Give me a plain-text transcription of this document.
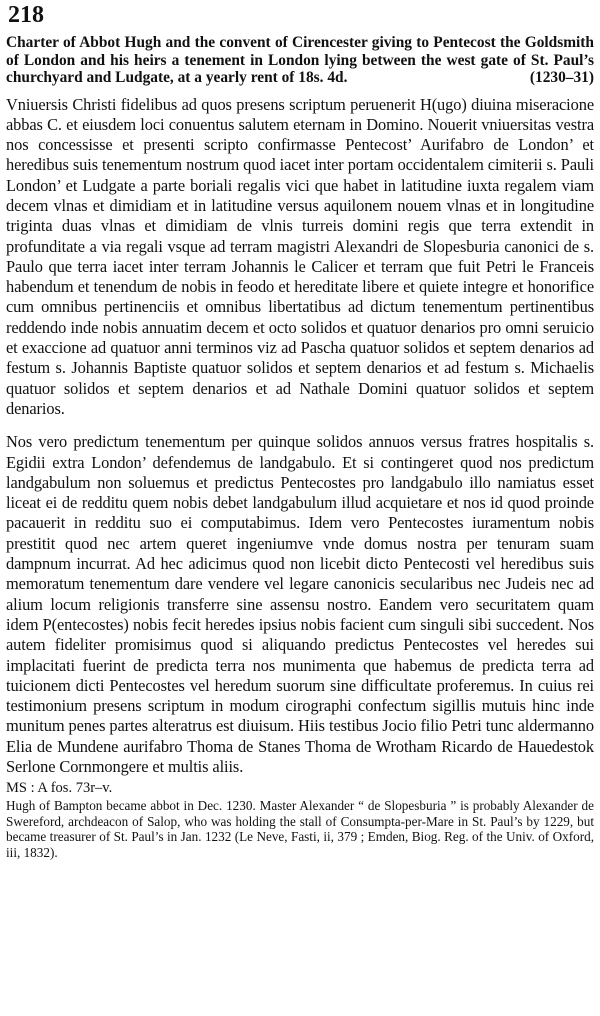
218
Charter of Abbot Hugh and the convent of Cirencester giving to Pentecost the Goldsmith of London and his heirs a tenement in London lying between the west gate of St. Paul’s churchyard and Ludgate, at a yearly rent of 18s. 4d.	(1230–31)

Vniuersis Christi fidelibus ad quos presens scriptum peruenerit H(ugo) diuina miseracione abbas C. et eiusdem loci conuentus salutem eternam in Domino. Nouerit vniuersitas vestra nos concessisse et presenti scripto confirmasse Pentecost’ Aurifabro de London’ et heredibus suis tenementum nostrum quod iacet inter portam occidentalem cimiterii s. Pauli London’ et Ludgate a parte boriali regalis vici que habet in latitudine iuxta regalem viam decem vlnas et dimidiam et in latitudine versus aquilonem nouem vlnas et in longitudine triginta duas vlnas et dimidiam de vlnis turreis domini regis que terra extendit in profunditate a via regali vsque ad terram magistri Alexandri de Slopesburia canonici de s. Paulo que terra iacet inter terram Johannis le Calicer et terram que fuit Petri le Franceis habendum et tenendum de nobis in feodo et hereditate libere et quiete integre et honorifice cum omnibus pertinenciis et omnibus libertatibus ad dictum tenementum pertinentibus reddendo inde nobis annuatim decem et octo solidos et quatuor denarios pro omni seruicio et exaccione ad quatuor anni terminos viz ad Pascha quatuor solidos et septem denarios ad festum s. Johannis Baptiste quatuor solidos et septem denarios et ad festum s. Michaelis quatuor solidos et septem denarios et ad Nathale Domini quatuor solidos et septem denarios.

Nos vero predictum tenementum per quinque solidos annuos versus fratres hospitalis s. Egidii extra London’ defendemus de landgabulo. Et si contingeret quod nos predictum landgabulum non soluemus et predictus Pentecostes pro landgabulo illo namiatus esset liceat ei de redditu quem nobis debet landgabulum illud acquietare et nos id quod proinde pacauerit in redditu suo ei computabimus. Idem vero Pentecostes iuramentum nobis prestitit quod nec artem queret ingeniumve vnde domus nostra per tenuram suam dampnum incurrat. Ad hec adicimus quod non licebit dicto Pentecosti vel heredibus suis memoratum tenementum dare vendere vel legare canonicis secularibus nec Judeis nec ad alium locum religionis transferre sine assensu nostro. Eandem vero securitatem quam idem P(entecostes) nobis fecit heredes ipsius nobis facient cum singuli sibi succedent. Nos autem fideliter promisimus quod si aliquando predictus Pentecostes vel heredes sui implacitati fuerint de predicta terra nos munimenta que habemus de predicta terra ad tuicionem dicti Pentecostes vel heredum suorum sine difficultate proferemus. In cuius rei testimonium presens scriptum in modum cirographi confectum sigillis mutuis hinc inde munitum penes partes alteratrus est diuisum. Hiis testibus Jocio filio Petri tunc aldermanno Elia de Mundene aurifabro Thoma de Stanes Thoma de Wrotham Ricardo de Hauedestok Serlone Cornmongere et multis aliis.

MS : A fos. 73r–v.

Hugh of Bampton became abbot in Dec. 1230. Master Alexander “ de Slopesburia ” is probably Alexander de Swereford, archdeacon of Salop, who was holding the stall of Consumpta-per-Mare in St. Paul’s by 1229, but became treasurer of St. Paul’s in Jan. 1232 (Le Neve, Fasti, ii, 379 ; Emden, Biog. Reg. of the Univ. of Oxford, iii, 1832).
